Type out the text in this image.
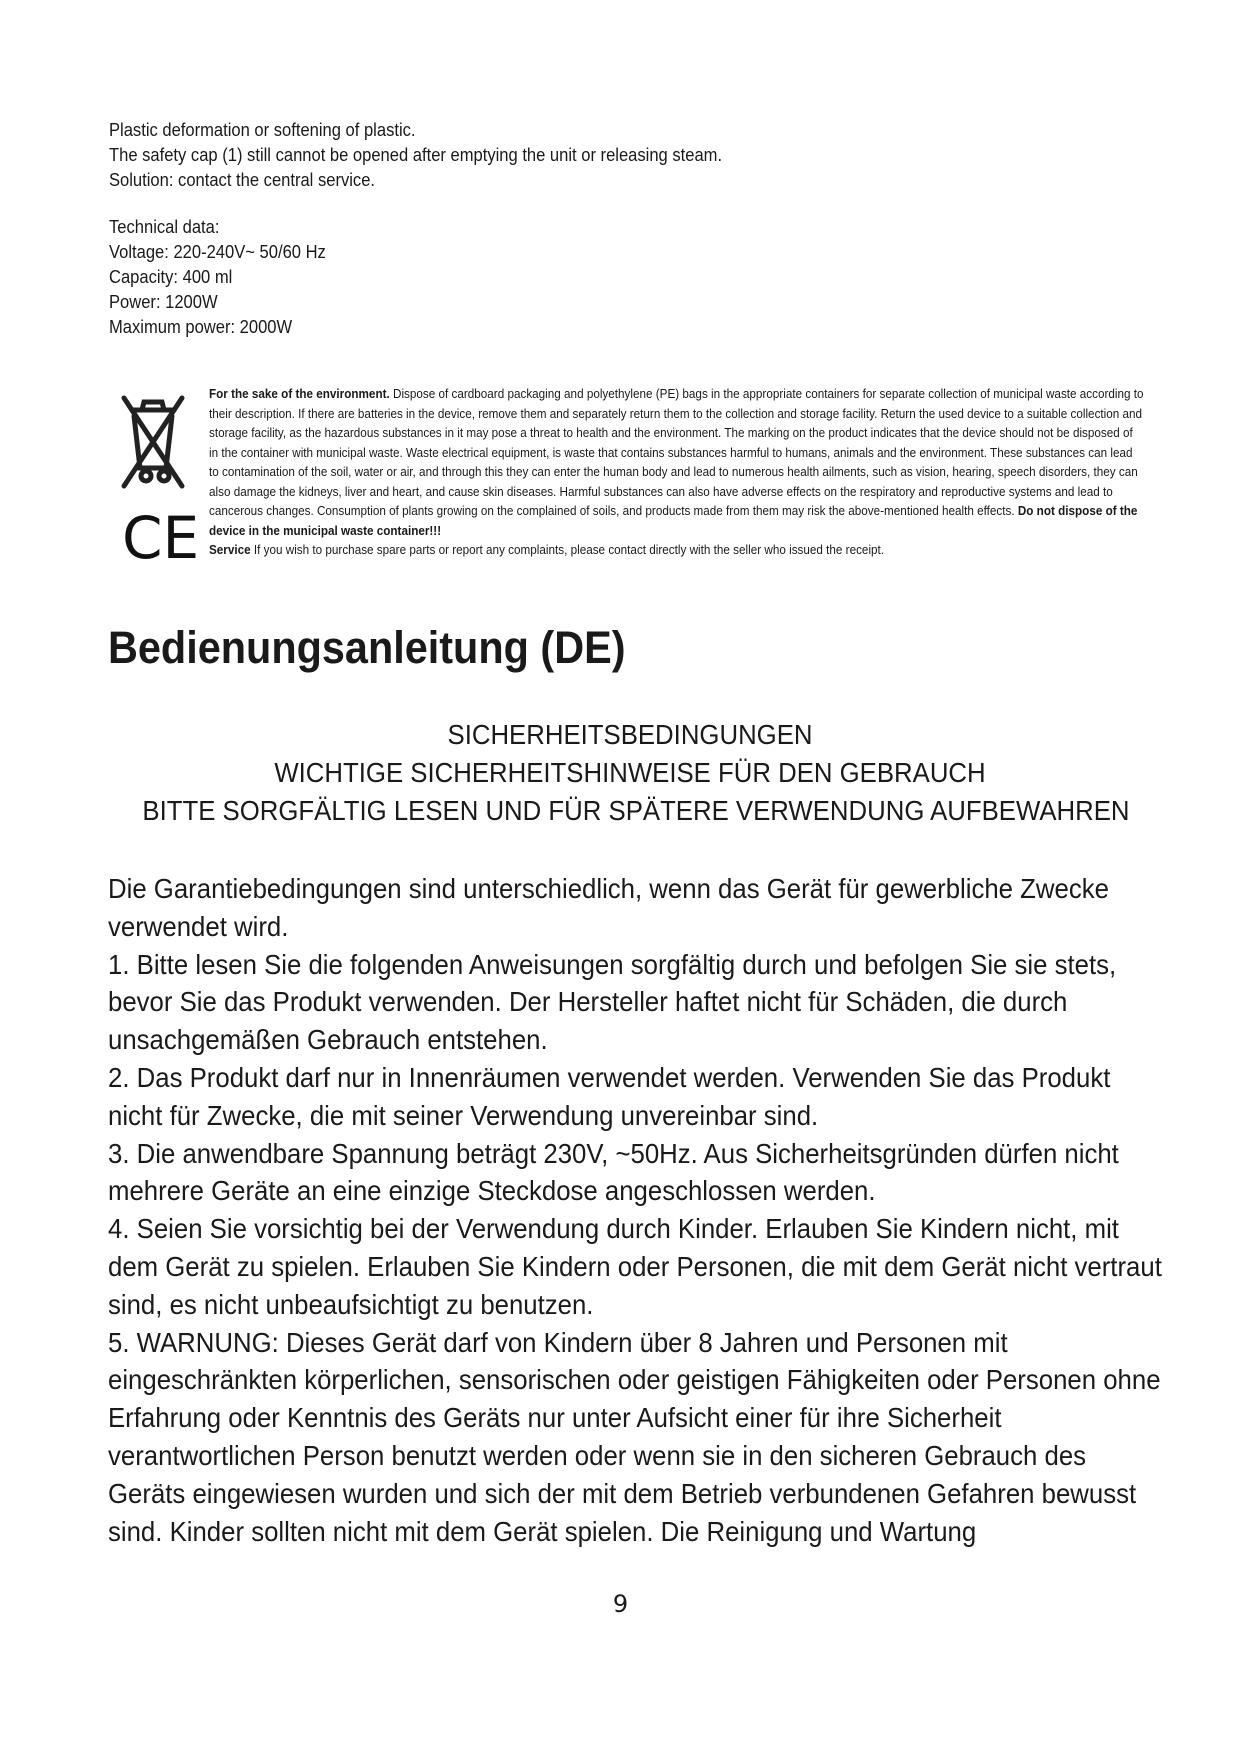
Plastic deformation or softening of plastic.

The safety cap (1) still cannot be opened after emptying the unit or releasing steam.

Solution: contact the central service.

Technical data:

Voltage: 220-240V~ 50/60 Hz

Capacity: 400 ml

Power: 1200W

Maximum power: 2000W

CE

For the sake of the environment. Dispose of cardboard packaging and polyethylene (PE) bags in the appropriate containers for separate collection of municipal waste according to their description. If there are batteries in the device, remove them and separately return them to the collection and storage facility. Return the used device to a suitable collection and storage facility, as the hazardous substances in it may pose a threat to health and the environment. The marking on the product indicates that the device should not be disposed of in the container with municipal waste. Waste electrical equipment, is waste that contains substances harmful to humans, animals and the environment. These substances can lead to contamination of the soil, water or air, and through this they can enter the human body and lead to numerous health ailments, such as vision, hearing, speech disorders, they can also damage the kidneys, liver and heart, and cause skin diseases. Harmful substances can also have adverse effects on the respiratory and reproductive systems and lead to cancerous changes. Consumption of plants growing on the complained of soils, and products made from them may risk the above-mentioned health effects. Do not dispose of the device in the municipal waste container!!!

Service If you wish to purchase spare parts or report any complaints, please contact directly with the seller who issued the receipt.

Bedienungsanleitung (DE)

SICHERHEITSBEDINGUNGEN

WICHTIGE SICHERHEITSHINWEISE FÜR DEN GEBRAUCH

BITTE SORGFÄLTIG LESEN UND FÜR SPÄTERE VERWENDUNG AUFBEWAHREN

Die Garantiebedingungen sind unterschiedlich, wenn das Gerät für gewerbliche Zwecke verwendet wird.

1. Bitte lesen Sie die folgenden Anweisungen sorgfältig durch und befolgen Sie sie stets, bevor Sie das Produkt verwenden. Der Hersteller haftet nicht für Schäden, die durch unsachgemäßen Gebrauch entstehen.

2. Das Produkt darf nur in Innenräumen verwendet werden. Verwenden Sie das Produkt nicht für Zwecke, die mit seiner Verwendung unvereinbar sind.

3. Die anwendbare Spannung beträgt 230V, ~50Hz. Aus Sicherheitsgründen dürfen nicht mehrere Geräte an eine einzige Steckdose angeschlossen werden.

4. Seien Sie vorsichtig bei der Verwendung durch Kinder. Erlauben Sie Kindern nicht, mit dem Gerät zu spielen. Erlauben Sie Kindern oder Personen, die mit dem Gerät nicht vertraut sind, es nicht unbeaufsichtigt zu benutzen.

5. WARNUNG: Dieses Gerät darf von Kindern über 8 Jahren und Personen mit eingeschränkten körperlichen, sensorischen oder geistigen Fähigkeiten oder Personen ohne Erfahrung oder Kenntnis des Geräts nur unter Aufsicht einer für ihre Sicherheit verantwortlichen Person benutzt werden oder wenn sie in den sicheren Gebrauch des Geräts eingewiesen wurden und sich der mit dem Betrieb verbundenen Gefahren bewusst sind. Kinder sollten nicht mit dem Gerät spielen. Die Reinigung und Wartung

9
